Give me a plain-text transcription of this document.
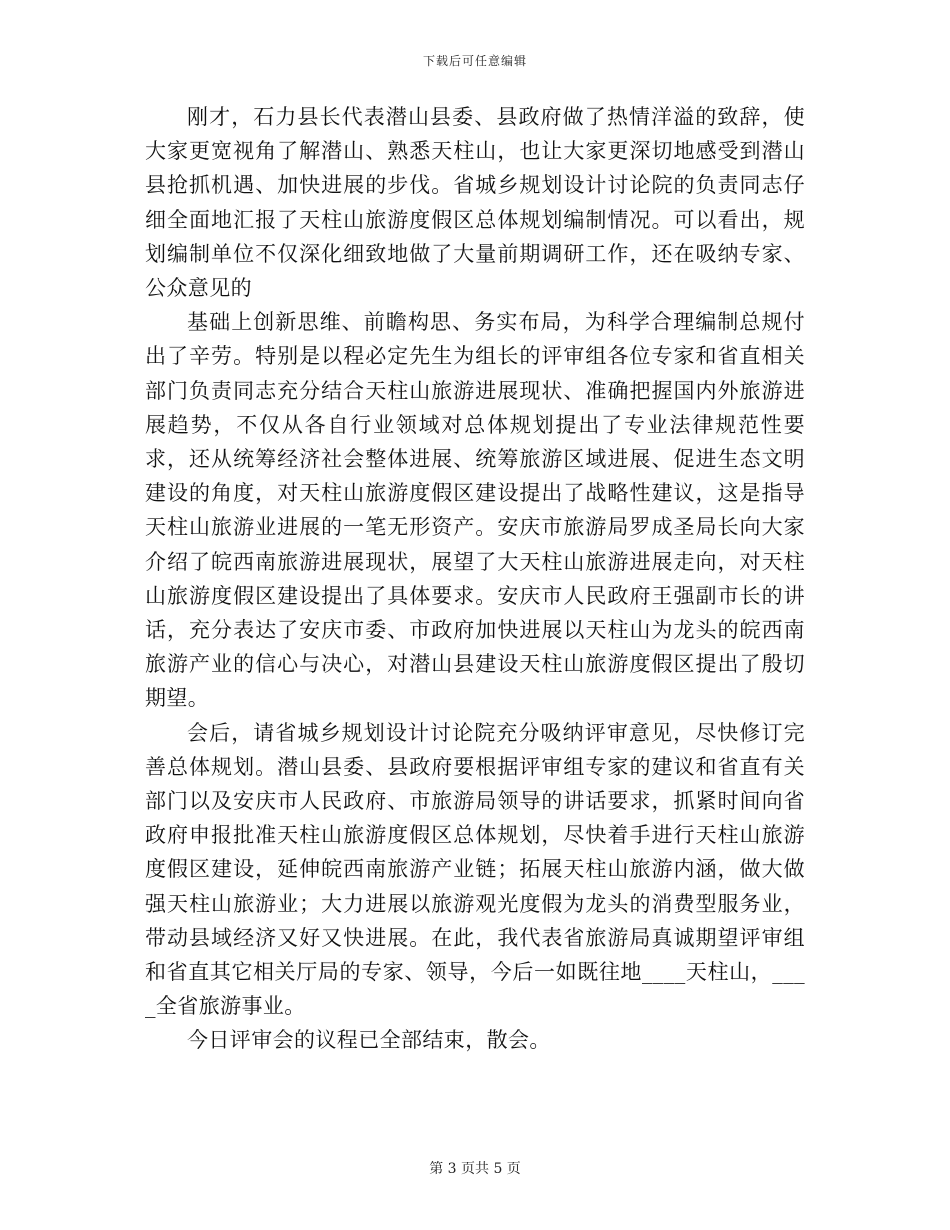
下载后可任意编辑

刚才，石力县长代表潜山县委、县政府做了热情洋溢的致辞，使大家更宽视角了解潜山、熟悉天柱山，也让大家更深切地感受到潜山县抢抓机遇、加快进展的步伐。省城乡规划设计讨论院的负责同志仔细全面地汇报了天柱山旅游度假区总体规划编制情况。可以看出，规划编制单位不仅深化细致地做了大量前期调研工作，还在吸纳专家、公众意见的

基础上创新思维、前瞻构思、务实布局，为科学合理编制总规付出了辛劳。特别是以程必定先生为组长的评审组各位专家和省直相关部门负责同志充分结合天柱山旅游进展现状、准确把握国内外旅游进展趋势，不仅从各自行业领域对总体规划提出了专业法律规范性要求，还从统筹经济社会整体进展、统筹旅游区域进展、促进生态文明建设的角度，对天柱山旅游度假区建设提出了战略性建议，这是指导天柱山旅游业进展的一笔无形资产。安庆市旅游局罗成圣局长向大家介绍了皖西南旅游进展现状，展望了大天柱山旅游进展走向，对天柱山旅游度假区建设提出了具体要求。安庆市人民政府王强副市长的讲话，充分表达了安庆市委、市政府加快进展以天柱山为龙头的皖西南旅游产业的信心与决心，对潜山县建设天柱山旅游度假区提出了殷切期望。

会后，请省城乡规划设计讨论院充分吸纳评审意见，尽快修订完善总体规划。潜山县委、县政府要根据评审组专家的建议和省直有关部门以及安庆市人民政府、市旅游局领导的讲话要求，抓紧时间向省政府申报批准天柱山旅游度假区总体规划，尽快着手进行天柱山旅游度假区建设，延伸皖西南旅游产业链；拓展天柱山旅游内涵，做大做强天柱山旅游业；大力进展以旅游观光度假为龙头的消费型服务业，带动县域经济又好又快进展。在此，我代表省旅游局真诚期望评审组和省直其它相关厅局的专家、领导，今后一如既往地____天柱山，____全省旅游事业。

今日评审会的议程已全部结束，散会。

第 3 页共 5 页
